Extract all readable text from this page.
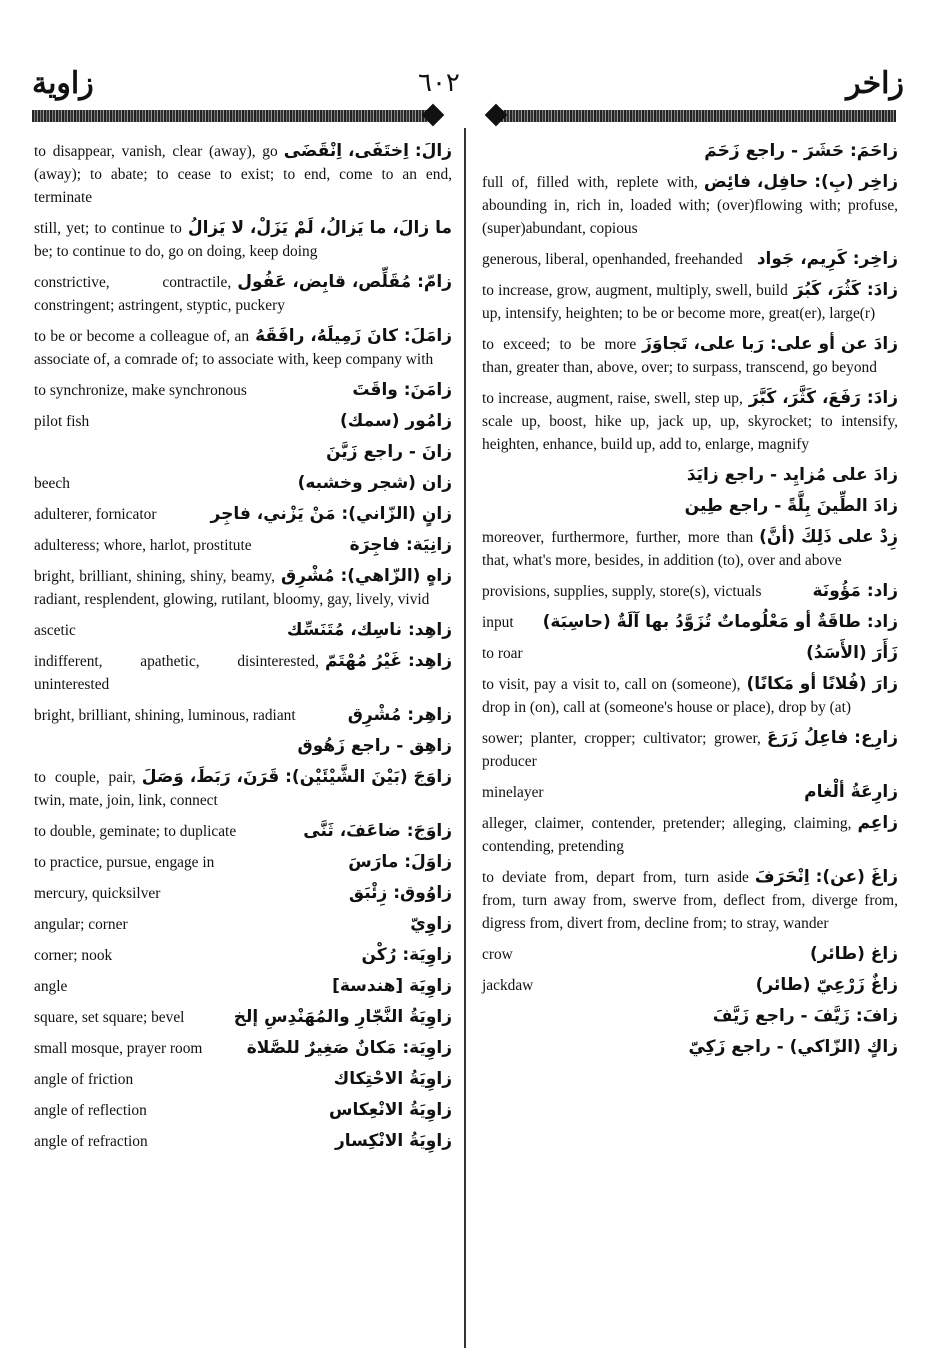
زاوية	٦٠٢	زاخر
زالَ: اِختَفَى، اِنْقَضَى
to disappear, vanish, clear (away), go (away); to abate; to cease to exist; to end, come to an end, terminate
ما زالَ، ما يَزالُ، لَمْ يَزَلْ، لا يَزالُ
still, yet; to continue to be; to continue to do, go on doing, keep doing
زامّ: مُقَلِّص، قابِض، عَفُول
constrictive, contractile, constringent; astringent, styptic, puckery
زامَلَ: كانَ زَمِيلَهُ، رافَقَهُ
to be or become a colleague of, an associate of, a comrade of; to associate with, keep company with
زامَنَ: واقَتَ
to synchronize, make synchronous
زامُور (سمك)
pilot fish
زانَ - راجع زَيَّنَ
زان (شجر وخشبه)
beech
زانٍ (الزّاني): مَنْ يَزْني، فاجِر
adulterer, fornicator
زانِيَة: فاجِرَة
adulteress; whore, harlot, prostitute
زاهٍ (الزّاهي): مُشْرِق
bright, brilliant, shining, shiny, beamy, radiant, resplendent, glowing, rutilant, bloomy, gay, lively, vivid
زاهِد: ناسِك، مُتَنَسِّك
ascetic
زاهِد: غَيْرُ مُهْتَمّ
indifferent, apathetic, disinterested, uninterested
زاهِر: مُشْرِق
bright, brilliant, shining, luminous, radiant
زاهِق - راجع زَهُوق
زاوَجَ (بَيْنَ الشَّيْئَيْن): قَرَنَ، رَبَطَ، وَصَلَ
to couple, pair, twin, mate, join, link, connect
زاوَجَ: ضاعَفَ، ثَنَّى
to double, geminate; to duplicate
زاوَلَ: مارَسَ
to practice, pursue, engage in
زاوُوق: زِئْبَق
mercury, quicksilver
زاوِيّ
angular; corner
زاوِيَة: رُكْن
corner; nook
زاوِيَة [هندسة]
angle
زاوِيَةُ النَّجّارِ والمُهَنْدِسِ إلخ
square, set square; bevel
زاوِيَة: مَكانٌ صَغِيرٌ للصَّلاة
small mosque, prayer room
زاوِيَةُ الاحْتِكاك
angle of friction
زاوِيَةُ الانْعِكاس
angle of reflection
زاوِيَةُ الانْكِسار
angle of refraction
زاحَمَ: حَشَرَ - راجع زَحَمَ
زاخِر (بِ): حافِل، فائِض
full of, filled with, replete with, abounding in, rich in, loaded with; (over)flowing with; profuse, (super)abundant, copious
زاخِر: كَرِيم، جَواد
generous, liberal, openhanded, freehanded
زادَ: كَثُرَ، كَبُرَ
to increase, grow, augment, multiply, swell, build up, intensify, heighten; to be or become more, great(er), large(r)
زادَ عن أو على: رَبا على، تَجاوَزَ
to exceed; to be more than, greater than, above, over; to surpass, transcend, go beyond
زادَ: رَفَعَ، كَثَّرَ، كَبَّرَ
to increase, augment, raise, swell, step up, scale up, boost, hike up, jack up, up, skyrocket; to intensify, heighten, enhance, build up, add to, enlarge, magnify
زادَ على مُزايِد - راجع زايَدَ
زادَ الطِّينَ بِلَّةً - راجع طِين
زِدْ على ذَلِكَ (أنَّ)
moreover, furthermore, further, more than that, what's more, besides, in addition (to), over and above
زاد: مَؤُونَة
provisions, supplies, supply, store(s), victuals
زاد: طاقَةٌ أو مَعْلُوماتٌ تُزَوَّدُ بها آلَةٌ (حاسِبَة)
input
زَأَرَ (الأَسَدُ)
to roar
زارَ (فُلانًا أو مَكانًا)
to visit, pay a visit to, call on (someone), drop in (on), call at (someone's house or place), drop by (at)
زارِع: فاعِلُ زَرَعَ
sower; planter, cropper; cultivator; grower, producer
زارِعَةُ ألْغام
minelayer
زاعِم
alleger, claimer, contender, pretender; alleging, claiming, contending, pretending
زاغَ (عن): اِنْحَرَفَ
to deviate from, depart from, turn aside from, turn away from, swerve from, deflect from, diverge from, digress from, divert from, decline from; to stray, wander
زاغ (طائر)
crow
زاغٌ زَرْعِيّ (طائر)
jackdaw
زافَ: زَيَّفَ - راجع زَيَّفَ
زاكٍ (الزّاكي) - راجع زَكِيّ
